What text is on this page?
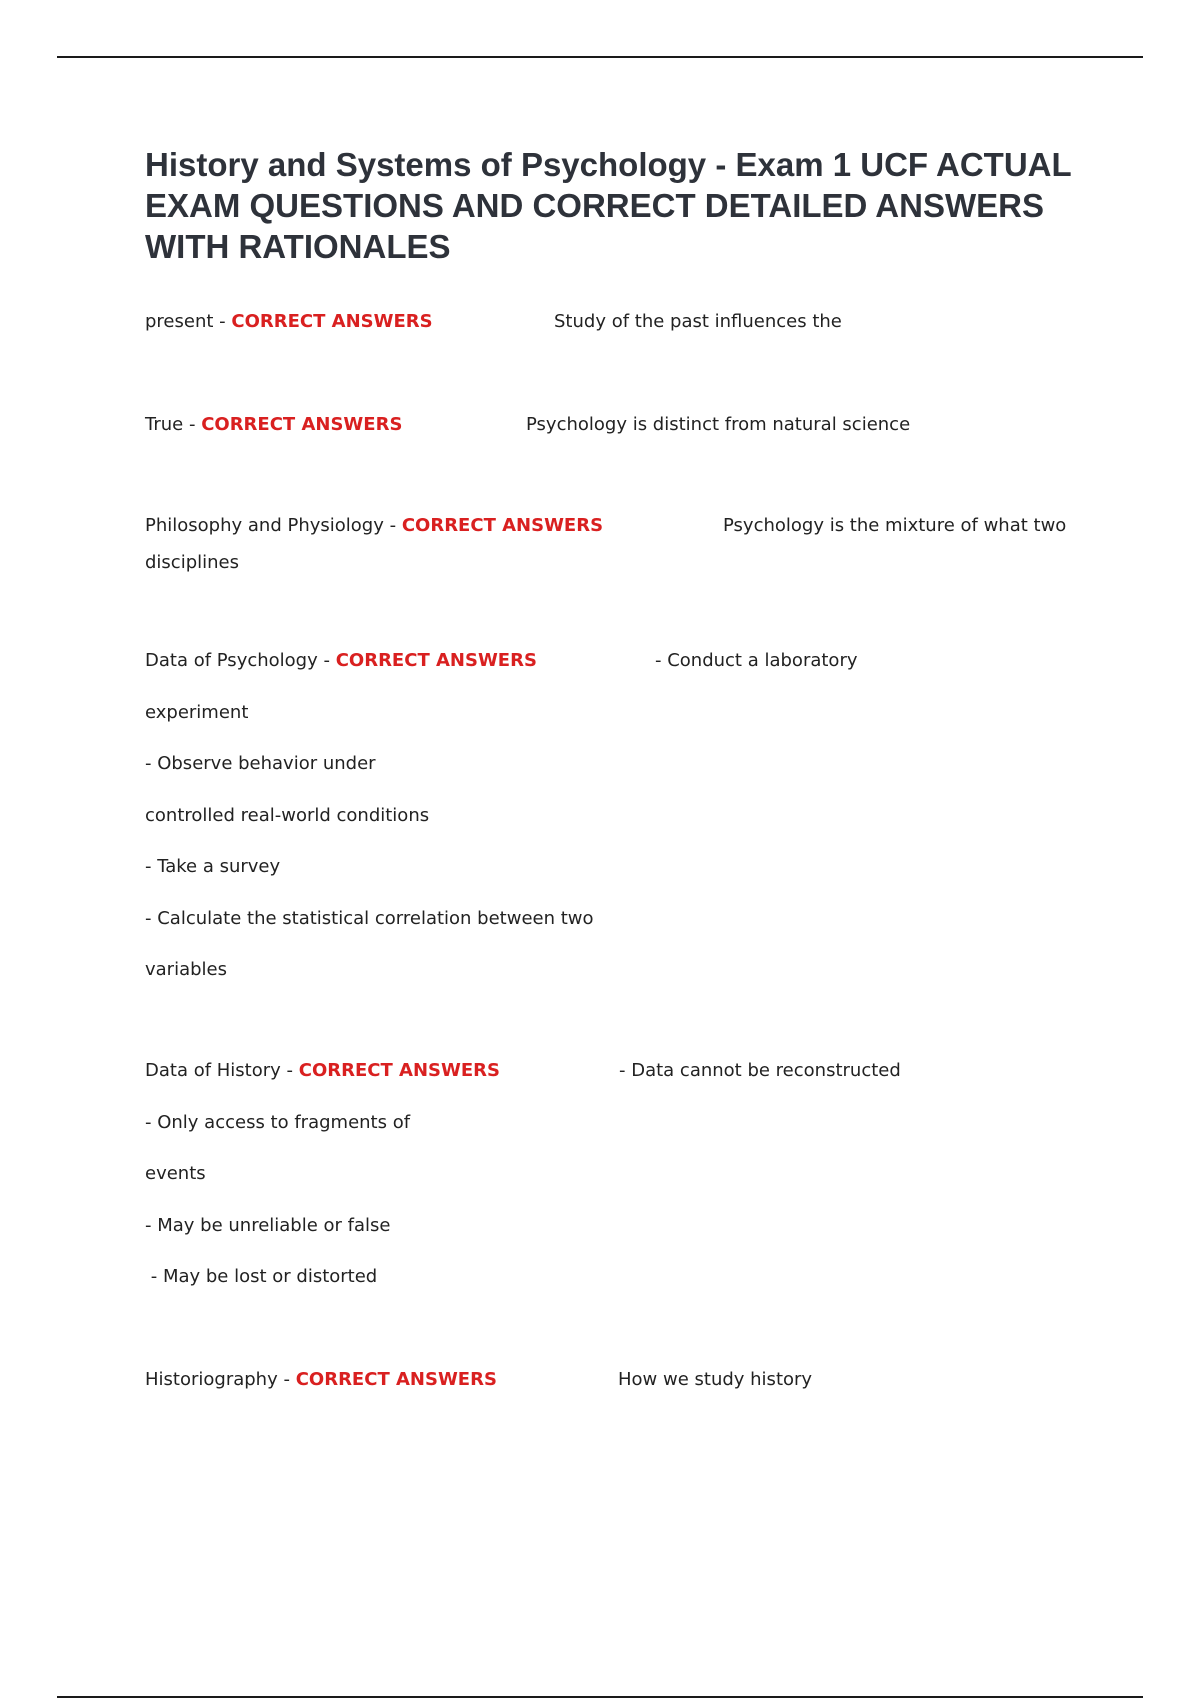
History and Systems of Psychology - Exam 1 UCF ACTUAL EXAM QUESTIONS AND CORRECT DETAILED ANSWERS WITH RATIONALES
present - CORRECT ANSWERS	Study of the past influences the
True - CORRECT ANSWERS	Psychology is distinct from natural science
Philosophy and Physiology - CORRECT ANSWERS	Psychology is the mixture of what two
disciplines
Data of Psychology - CORRECT ANSWERS	- Conduct a laboratory
experiment
- Observe behavior under
controlled real-world conditions
- Take a survey
- Calculate the statistical correlation between two
variables
Data of History - CORRECT ANSWERS	- Data cannot be reconstructed
- Only access to fragments of
events
- May be unreliable or false
- May be lost or distorted
Historiography - CORRECT ANSWERS	How we study history
